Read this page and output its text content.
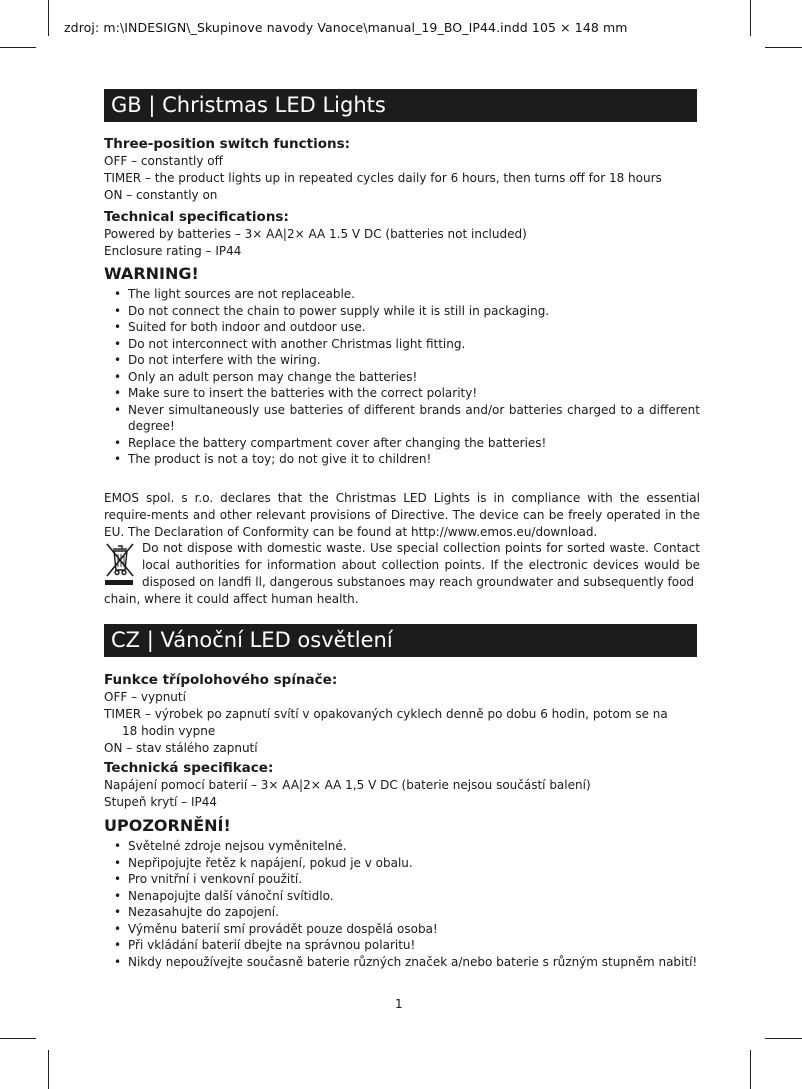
zdroj: m:\INDESIGN\_Skupinove navody Vanoce\manual_19_BO_IP44.indd 105 × 148 mm
GB | Christmas LED Lights
Three-position switch functions:
OFF – constantly off
TIMER – the product lights up in repeated cycles daily for 6 hours, then turns off for 18 hours
ON – constantly on
Technical specifications:
Powered by batteries – 3× AA|2× AA 1.5 V DC (batteries not included)
Enclosure rating – IP44
WARNING!
• The light sources are not replaceable.
• Do not connect the chain to power supply while it is still in packaging.
• Suited for both indoor and outdoor use.
• Do not interconnect with another Christmas light fitting.
• Do not interfere with the wiring.
• Only an adult person may change the batteries!
• Make sure to insert the batteries with the correct polarity!
• Never simultaneously use batteries of different brands and/or batteries charged to a different degree!
• Replace the battery compartment cover after changing the batteries!
• The product is not a toy; do not give it to children!
EMOS spol. s r.o. declares that the Christmas LED Lights is in compliance with the essential require-ments and other relevant provisions of Directive. The device can be freely operated in the EU. The Declaration of Conformity can be found at http://www.emos.eu/download.
Do not dispose with domestic waste. Use special collection points for sorted waste. Contact local authorities for information about collection points. If the electronic devices would be disposed on landfi ll, dangerous substanoes may reach groundwater and subsequently food
chain, where it could affect human health.
CZ | Vánoční LED osvětlení
Funkce třípolohového spínače:
OFF – vypnutí
TIMER – výrobek po zapnutí svítí v opakovaných cyklech denně po dobu 6 hodin, potom se na
18 hodin vypne
ON – stav stálého zapnutí
Technická specifikace:
Napájení pomocí baterií – 3× AA|2× AA 1,5 V DC (baterie nejsou součástí balení)
Stupeň krytí – IP44
UPOZORNĚNÍ!
• Světelné zdroje nejsou vyměnitelné.
• Nepřipojujte řetěz k napájení, pokud je v obalu.
• Pro vnitřní i venkovní použití.
• Nenapojujte další vánoční svítidlo.
• Nezasahujte do zapojení.
• Výměnu baterií smí provádět pouze dospělá osoba!
• Při vkládání baterií dbejte na správnou polaritu!
• Nikdy nepoužívejte současně baterie různých značek a/nebo baterie s různým stupněm nabití!
1
